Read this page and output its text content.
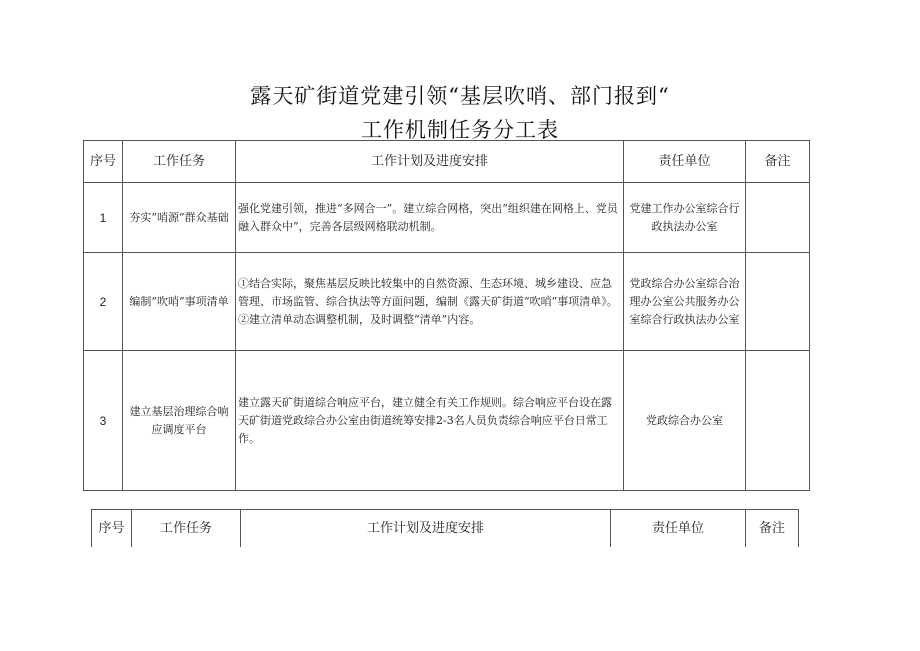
露天矿街道党建引领“基层吹哨、部门报到“
工作机制任务分工表
序号	工作任务	工作计划及进度安排	责任单位	备注
1	夯实“哨源”群众基础	强化党建引领，推进“多网合一”。建立综合网格，突出“组织建在网格上、党员融入群众中”，完善各层级网格联动机制。	党建工作办公室综合行政执法办公室	
2	编制“吹哨”事项清单	①结合实际，聚焦基层反映比较集中的自然资源、生态环境、城乡建设、应急管理、市场监管、综合执法等方面问题，编制《露天矿街道“吹哨”事项清单》。
②建立清单动态调整机制，及时调整“清单”内容。	党政综合办公室综合治理办公室公共服务办公室综合行政执法办公室	
3	建立基层治理综合响应调度平台	建立露天矿街道综合响应平台，建立健全有关工作规则。综合响应平台设在露天矿街道党政综合办公室由街道统筹安排2-3名人员负责综合响应平台日常工作。	党政综合办公室	
序号	工作任务	工作计划及进度安排	责任单位	备注
